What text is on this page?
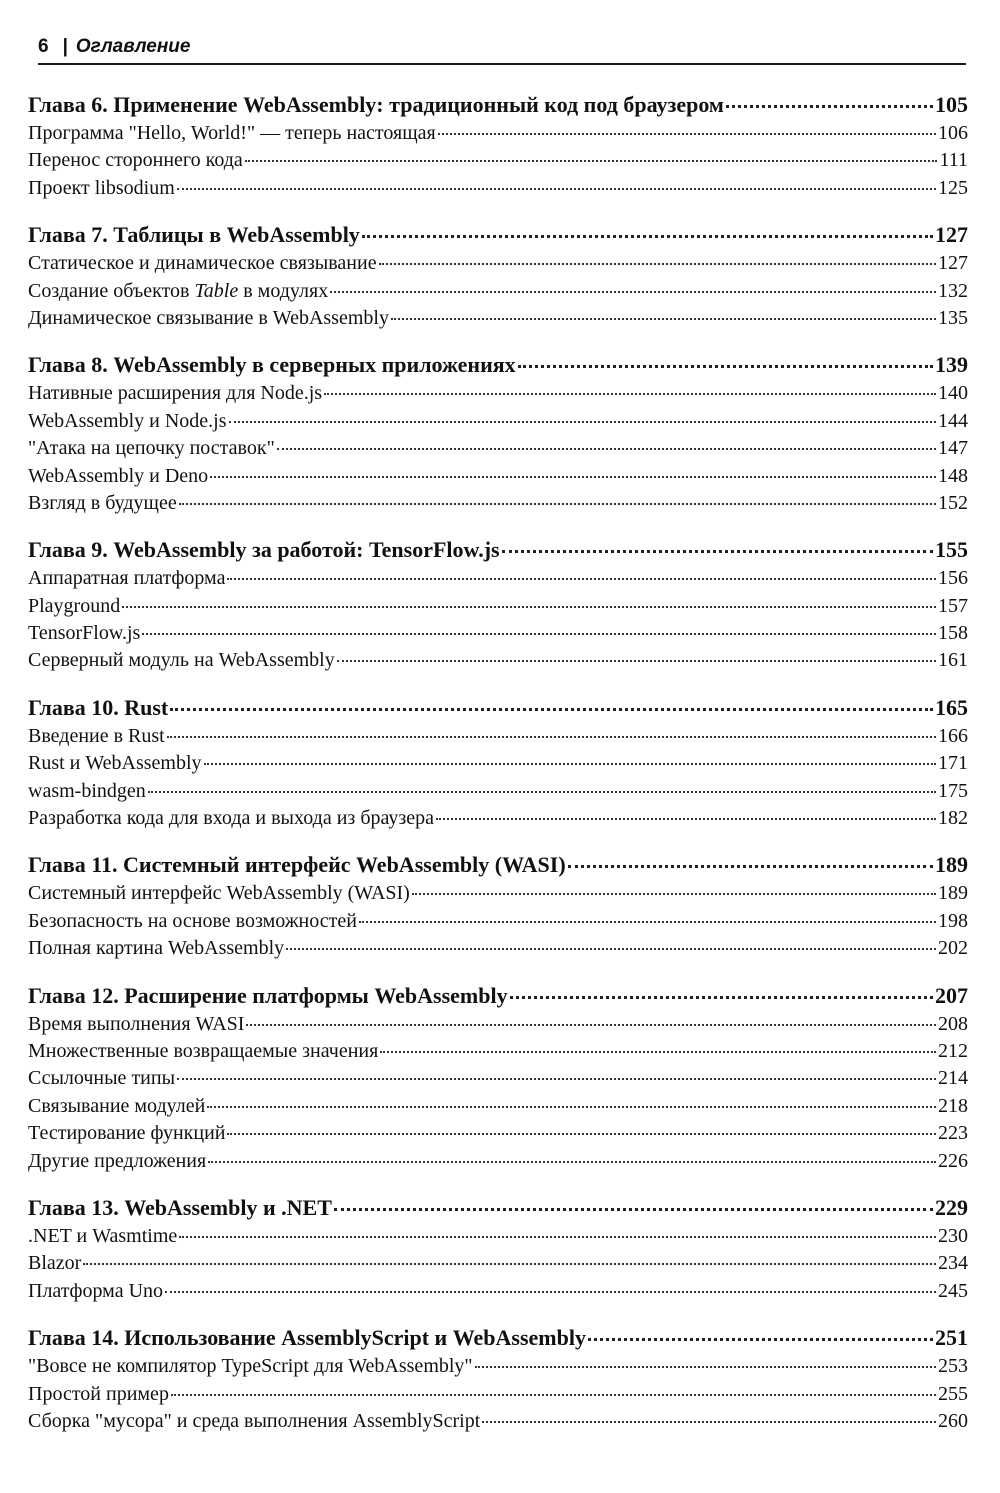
6 | Оглавление
Глава 6. Применение WebAssembly: традиционный код под браузером	105
Программа "Hello, World!" — теперь настоящая	106
Перенос стороннего кода	111
Проект libsodium	125
Глава 7. Таблицы в WebAssembly	127
Статическое и динамическое связывание	127
Создание объектов Table в модулях	132
Динамическое связывание в WebAssembly	135
Глава 8. WebAssembly в серверных приложениях	139
Нативные расширения для Node.js	140
WebAssembly и Node.js	144
"Атака на цепочку поставок"	147
WebAssembly и Deno	148
Взгляд в будущее	152
Глава 9. WebAssembly за работой: TensorFlow.js	155
Аппаратная платформа	156
Playground	157
TensorFlow.js	158
Серверный модуль на WebAssembly	161
Глава 10. Rust	165
Введение в Rust	166
Rust и WebAssembly	171
wasm-bindgen	175
Разработка кода для входа и выхода из браузера	182
Глава 11. Системный интерфейс WebAssembly (WASI)	189
Системный интерфейс WebAssembly (WASI)	189
Безопасность на основе возможностей	198
Полная картина WebAssembly	202
Глава 12. Расширение платформы WebAssembly	207
Время выполнения WASI	208
Множественные возвращаемые значения	212
Ссылочные типы	214
Связывание модулей	218
Тестирование функций	223
Другие предложения	226
Глава 13. WebAssembly и .NET	229
.NET и Wasmtime	230
Blazor	234
Платформа Uno	245
Глава 14. Использование AssemblyScript и WebAssembly	251
"Вовсе не компилятор TypeScript для WebAssembly"	253
Простой пример	255
Сборка "мусора" и среда выполнения AssemblyScript	260
